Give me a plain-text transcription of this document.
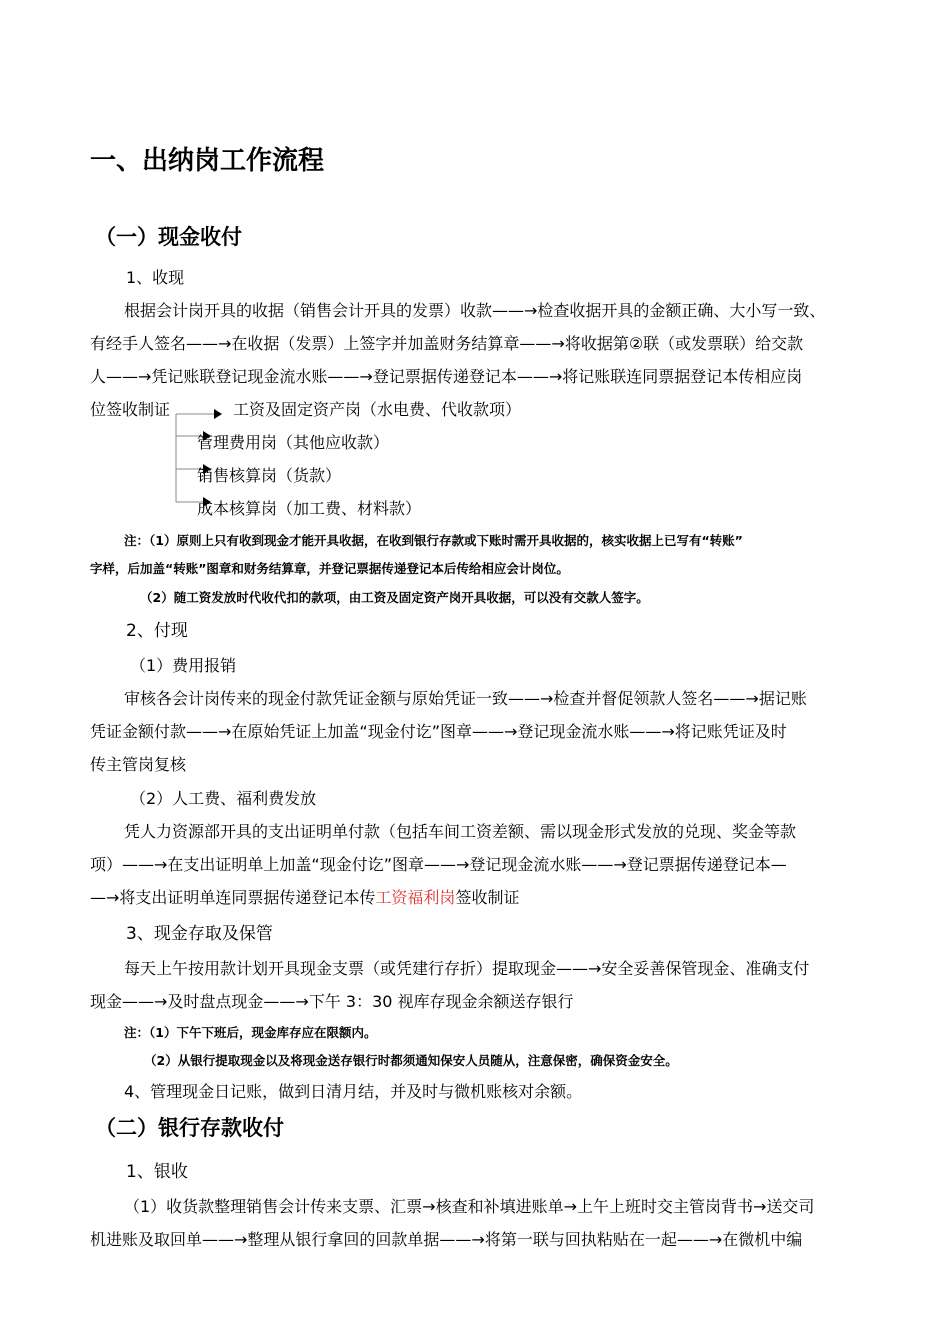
一、出纳岗工作流程
（一）现金收付
1、收现
根据会计岗开具的收据（销售会计开具的发票）收款——→检查收据开具的金额正确、大小写一致、
有经手人签名——→在收据（发票）上签字并加盖财务结算章——→将收据第②联（或发票联）给交款
人——→凭记账联登记现金流水账——→登记票据传递登记本——→将记账联连同票据登记本传相应岗
位签收制证	工资及固定资产岗（水电费、代收款项）
管理费用岗（其他应收款）
销售核算岗（货款）
成本核算岗（加工费、材料款）
注：（1）原则上只有收到现金才能开具收据，在收到银行存款或下账时需开具收据的，核实收据上已写有“转账”
字样，后加盖“转账”图章和财务结算章，并登记票据传递登记本后传给相应会计岗位。
（2）随工资发放时代收代扣的款项，由工资及固定资产岗开具收据，可以没有交款人签字。
2、付现
（1）费用报销
审核各会计岗传来的现金付款凭证金额与原始凭证一致——→检查并督促领款人签名——→据记账
凭证金额付款——→在原始凭证上加盖“现金付讫”图章——→登记现金流水账——→将记账凭证及时
传主管岗复核
（2）人工费、福利费发放
凭人力资源部开具的支出证明单付款（包括车间工资差额、需以现金形式发放的兑现、奖金等款
项）——→在支出证明单上加盖“现金付讫”图章——→登记现金流水账——→登记票据传递登记本—
—→将支出证明单连同票据传递登记本传工资福利岗签收制证
3、现金存取及保管
每天上午按用款计划开具现金支票（或凭建行存折）提取现金——→安全妥善保管现金、准确支付
现金——→及时盘点现金——→下午 3：30 视库存现金余额送存银行
注：（1）下午下班后，现金库存应在限额内。
（2）从银行提取现金以及将现金送存银行时都须通知保安人员随从，注意保密，确保资金安全。
4、管理现金日记账，做到日清月结，并及时与微机账核对余额。
（二）银行存款收付
1、银收
（1）收货款整理销售会计传来支票、汇票→核查和补填进账单→上午上班时交主管岗背书→送交司
机进账及取回单——→整理从银行拿回的回款单据——→将第一联与回执粘贴在一起——→在微机中编
